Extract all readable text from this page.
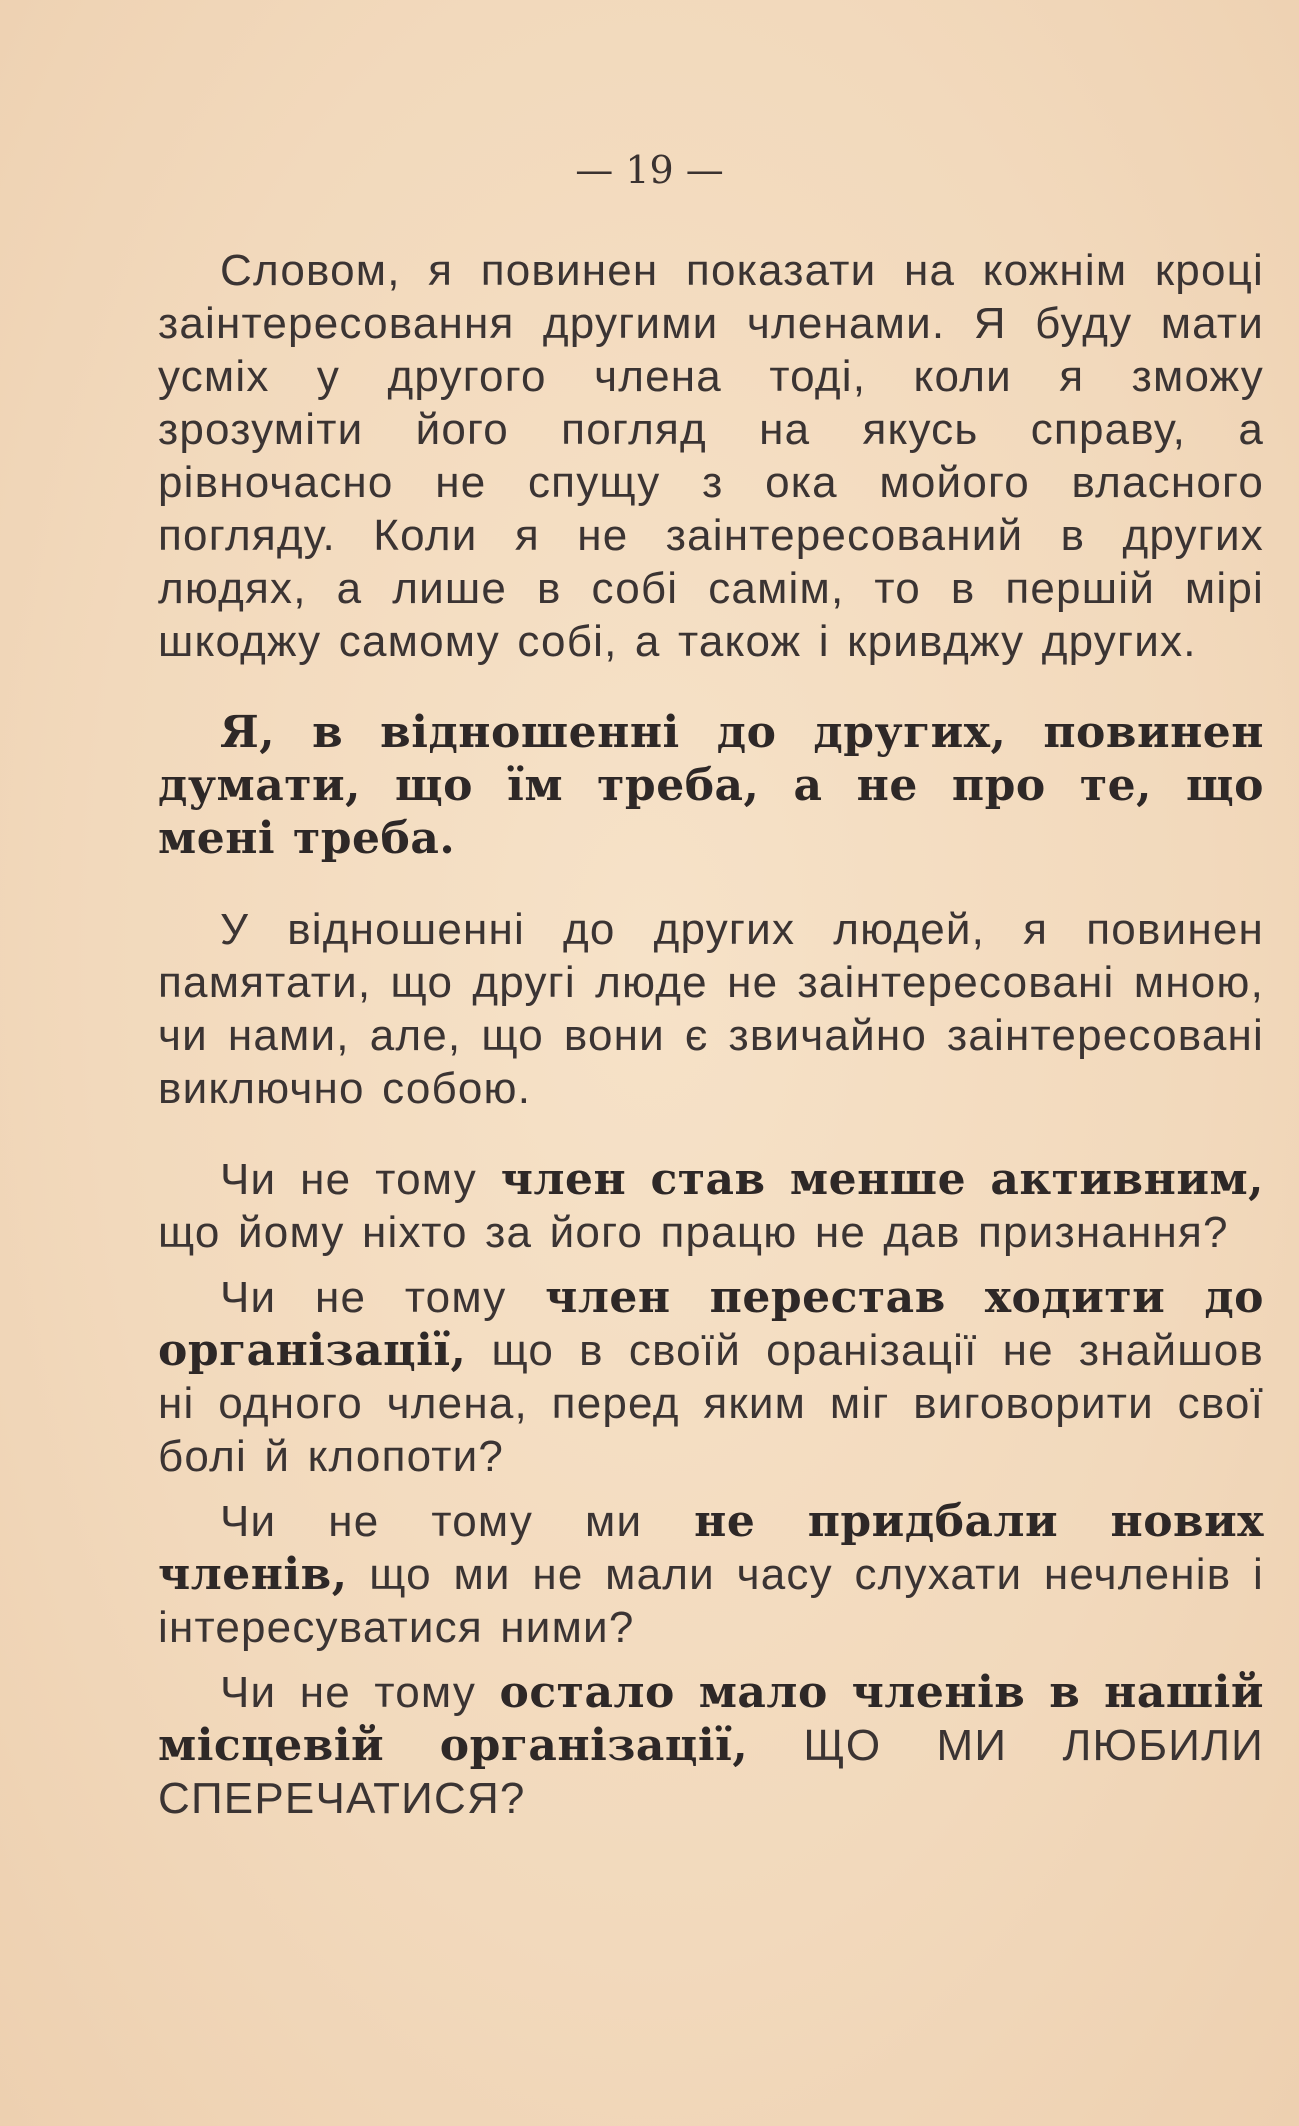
— 19 —

Словом, я повинен показати на кожнім кроці заінтересовання другими членами. Я буду мати усміх у другого члена тоді, коли я зможу зрозуміти його погляд на якусь справу, а рівночасно не спущу з ока мойого власного погляду. Коли я не заінтересований в других людях, а лише в собі самім, то в першій мірі шкоджу самому собі, а також і кривджу других.

Я, в відношенні до других, повинен думати, що їм треба, а не про те, що мені треба.

У відношенні до других людей, я повинен памятати, що другі люде не заінтересовані мною, чи нами, але, що вони є звичайно заінтересовані виключно собою.

Чи не тому член став менше активним, що йому ніхто за його працю не дав признання?

Чи не тому член перестав ходити до організації, що в своїй оранізації не знайшов ні одного члена, перед яким міг виговорити свої болі й клопоти?

Чи не тому ми не придбали нових членів, що ми не мали часу слухати нечленів і інтересуватися ними?

Чи не тому остало мало членів в нашій місцевій організації, ЩО МИ ЛЮБИЛИ СПЕРЕЧАТИСЯ?
